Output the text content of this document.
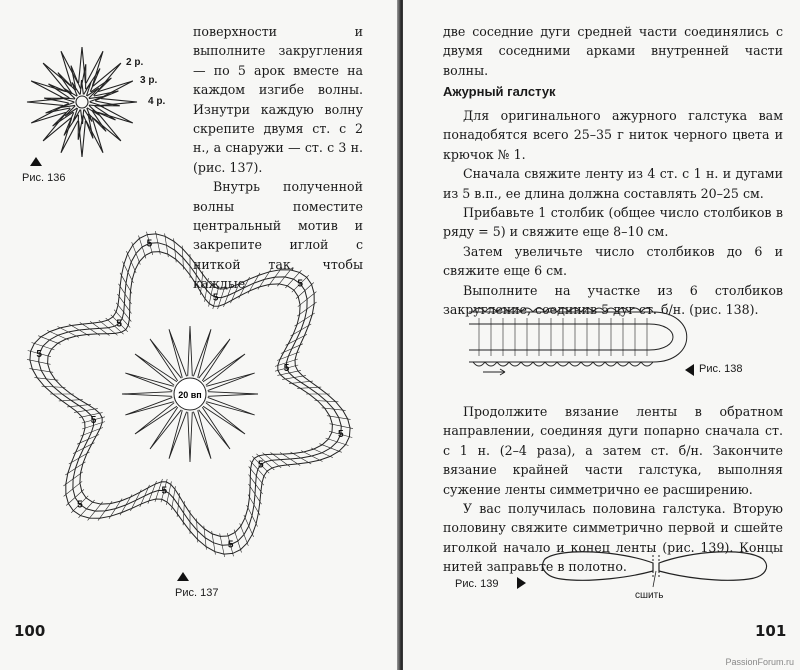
2 р.
3 р.
4 р.
Рис. 136

поверхности и выполните закругления — по 5 арок вместе на каждом изгибе волны. Изнутри каждую волну скрепите двумя ст. с 2 н., а снаружи — ст. с 3 н. (рис. 137).

Внутрь полученной волны поместите центральный мотив и закрепите иглой с ниткой так, чтобы каждые

5
5
5
5
5
5
5
5
5
5
5
5
20 вп
Рис. 137
100

две соседние дуги средней части соединялись с двумя соседними арками внутренней части волны.

Ажурный галстук

Для оригинального ажурного галстука вам понадобятся всего 25–35 г ниток черного цвета и крючок № 1.

Сначала свяжите ленту из 4 ст. с 1 н. и дугами из 5 в.п., ее длина должна составлять 20–25 см.

Прибавьте 1 столбик (общее число столбиков в ряду = 5) и свяжите еще 8–10 см.

Затем увеличьте число столбиков до 6 и свяжите еще 6 см.

Выполните на участке из 6 столбиков закругление, соединив 5 дуг ст. б/н. (рис. 138).

Рис. 138

Продолжите вязание ленты в обратном направлении, соединяя дуги попарно сначала ст. с 1 н. (2–4 раза), а затем ст. б/н. Закончите вязание крайней части галстука, выполняя сужение ленты симметрично ее расширению.

У вас получилась половина галстука. Вторую половину свяжите симметрично первой и сшейте иголкой начало и конец ленты (рис. 139). Концы нитей заправьте в полотно.

Рис. 139
сшить
101
PassionForum.ru
